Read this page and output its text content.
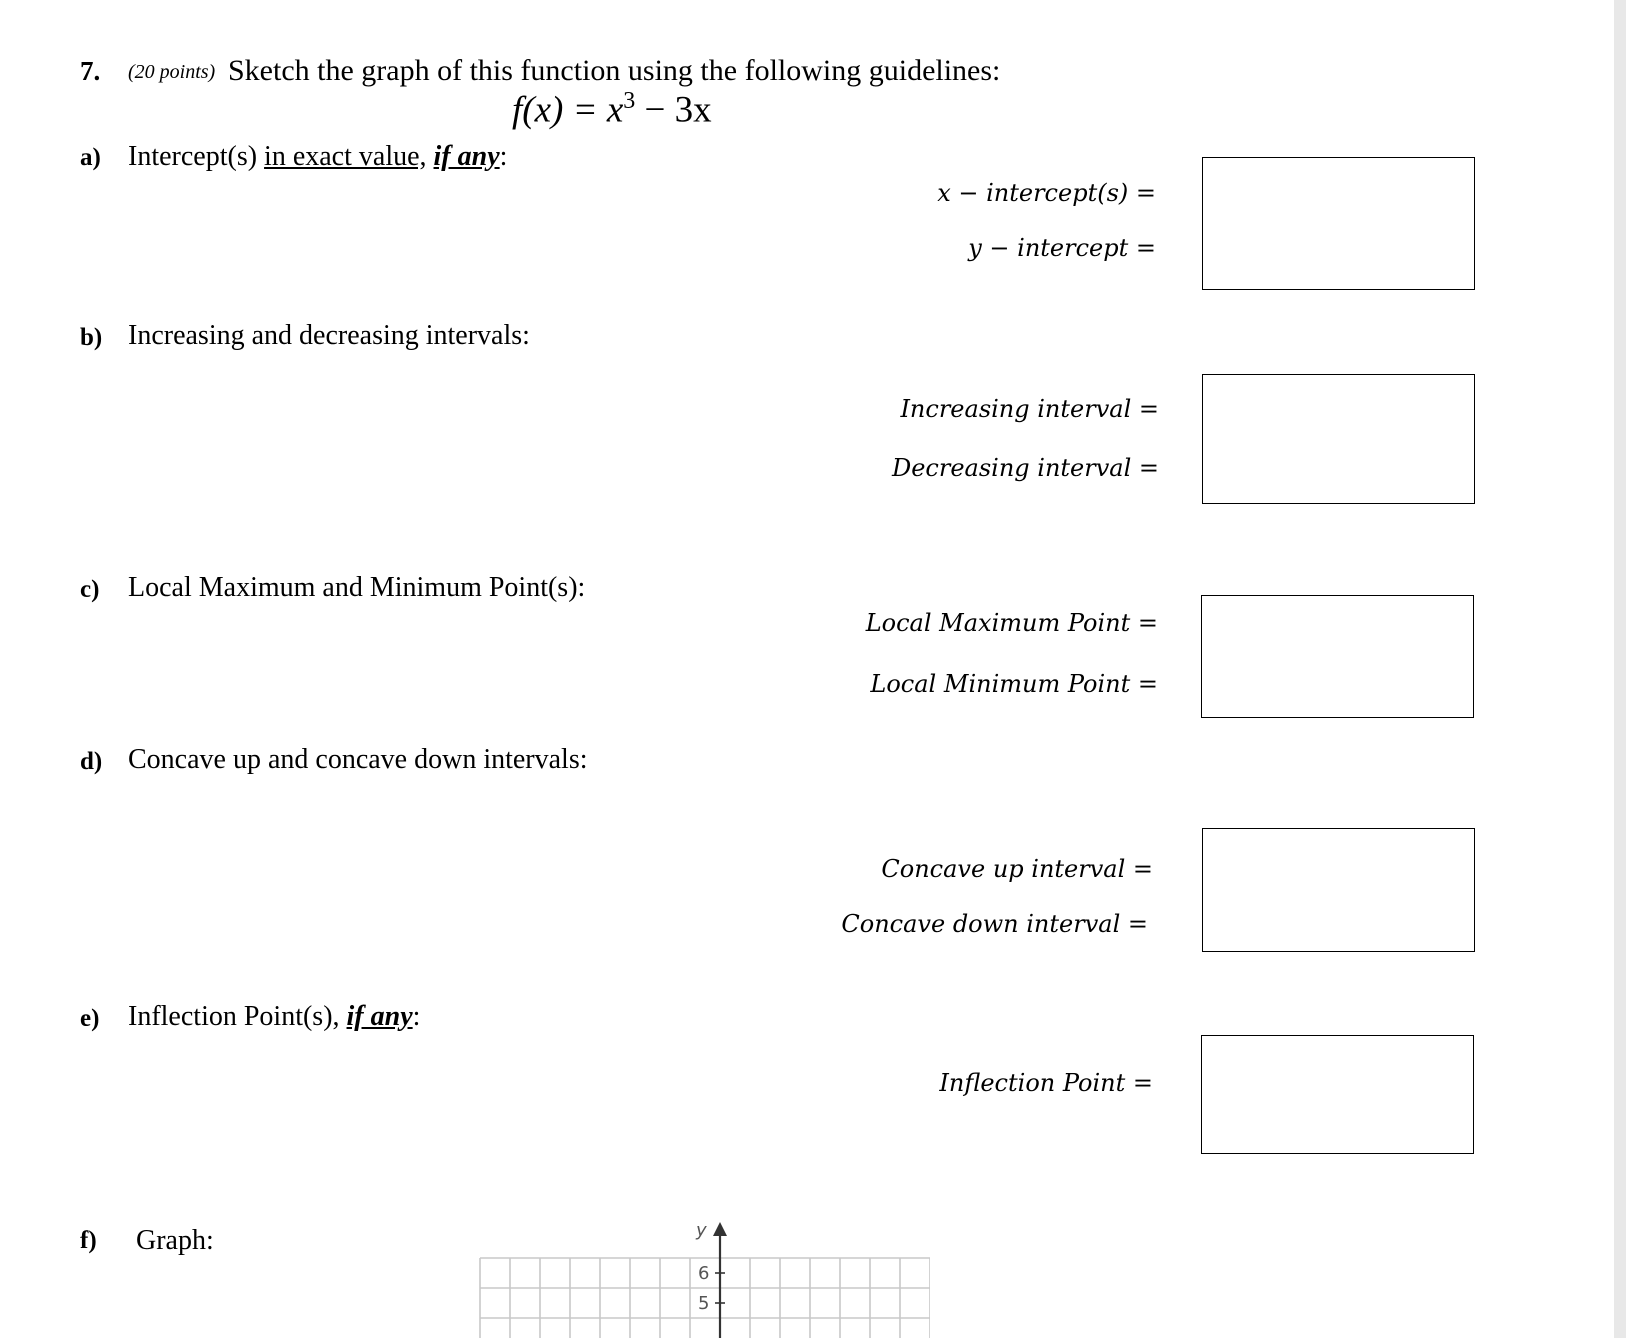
7. (20 points) Sketch the graph of this function using the following guidelines:
$f(x) = x^3 - 3x$
a) Intercept(s) in exact value, if any:
x − intercept(s) =
y − intercept =
b) Increasing and decreasing intervals:
Increasing interval =
Decreasing interval =
c) Local Maximum and Minimum Point(s):
Local Maximum Point =
Local Minimum Point =
d) Concave up and concave down intervals:
Concave up interval =
Concave down interval =
e) Inflection Point(s), if any:
Inflection Point =
f) Graph:	y
6
5
